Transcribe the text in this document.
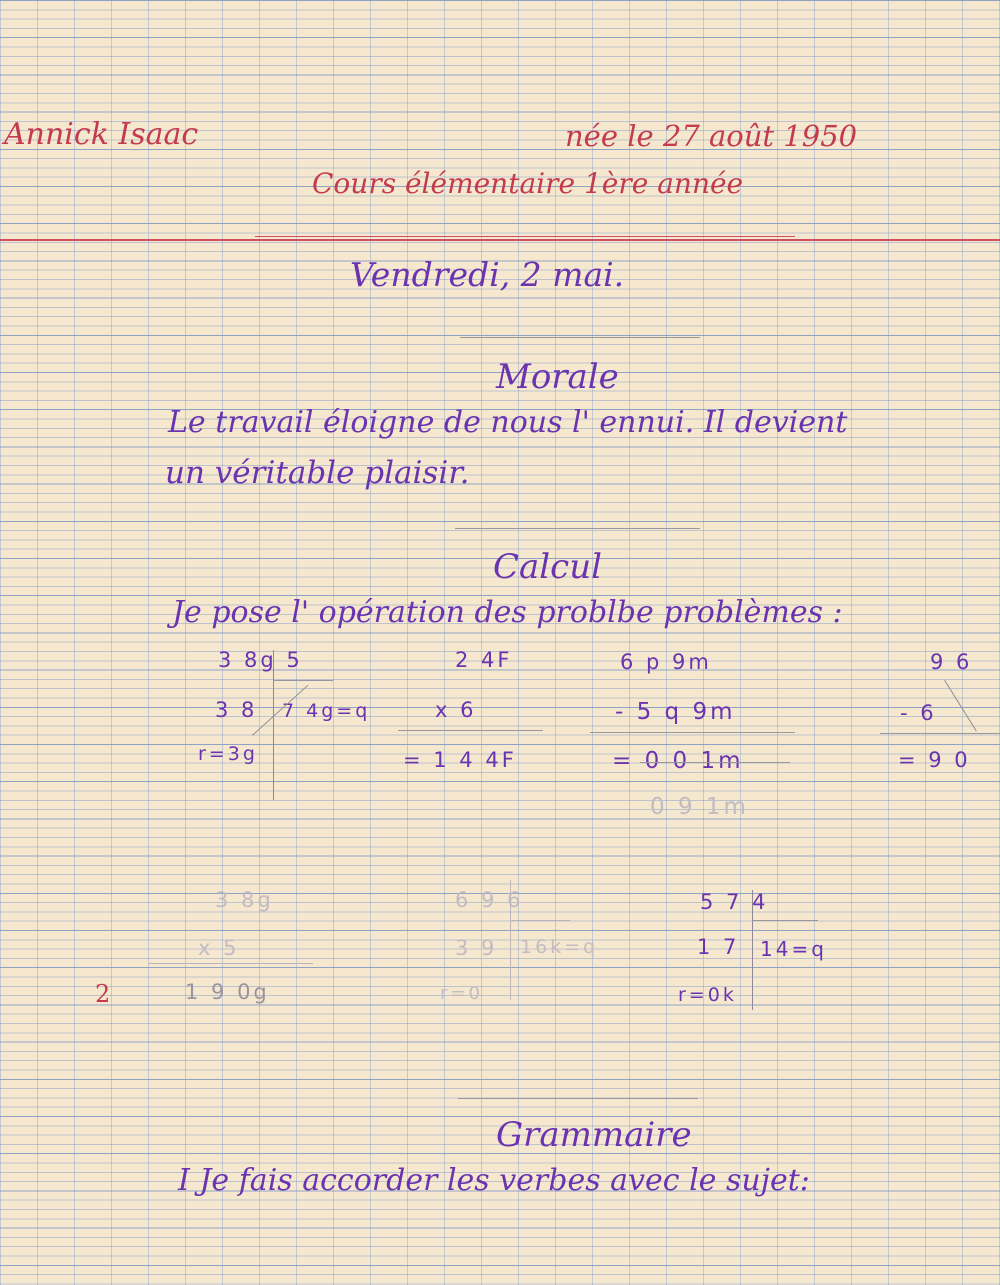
Annick Isaac	née le 27 août 1950
Cours élémentaire 1ère année
Vendredi, 2 mai.
Morale
Le travail éloigne de nous l' ennui. Il devient
un véritable plaisir.
Calcul
Je pose l' opération des problbe problèmes :
3 8g 5
3 8 7 4g=q
r=3g
2 4F
x 6
= 1 4 4F
6 p 9m
- 5 q 9m
= 0 0 1m
0 9 1m
9 6
- 6
= 9 0
3 8g
x 5
1 9 0g
2
6 9 6
3 9 16k=q
r=0
5 7 4
1 7 14=q
r=0k
Grammaire
I Je fais accorder les verbes avec le sujet:
